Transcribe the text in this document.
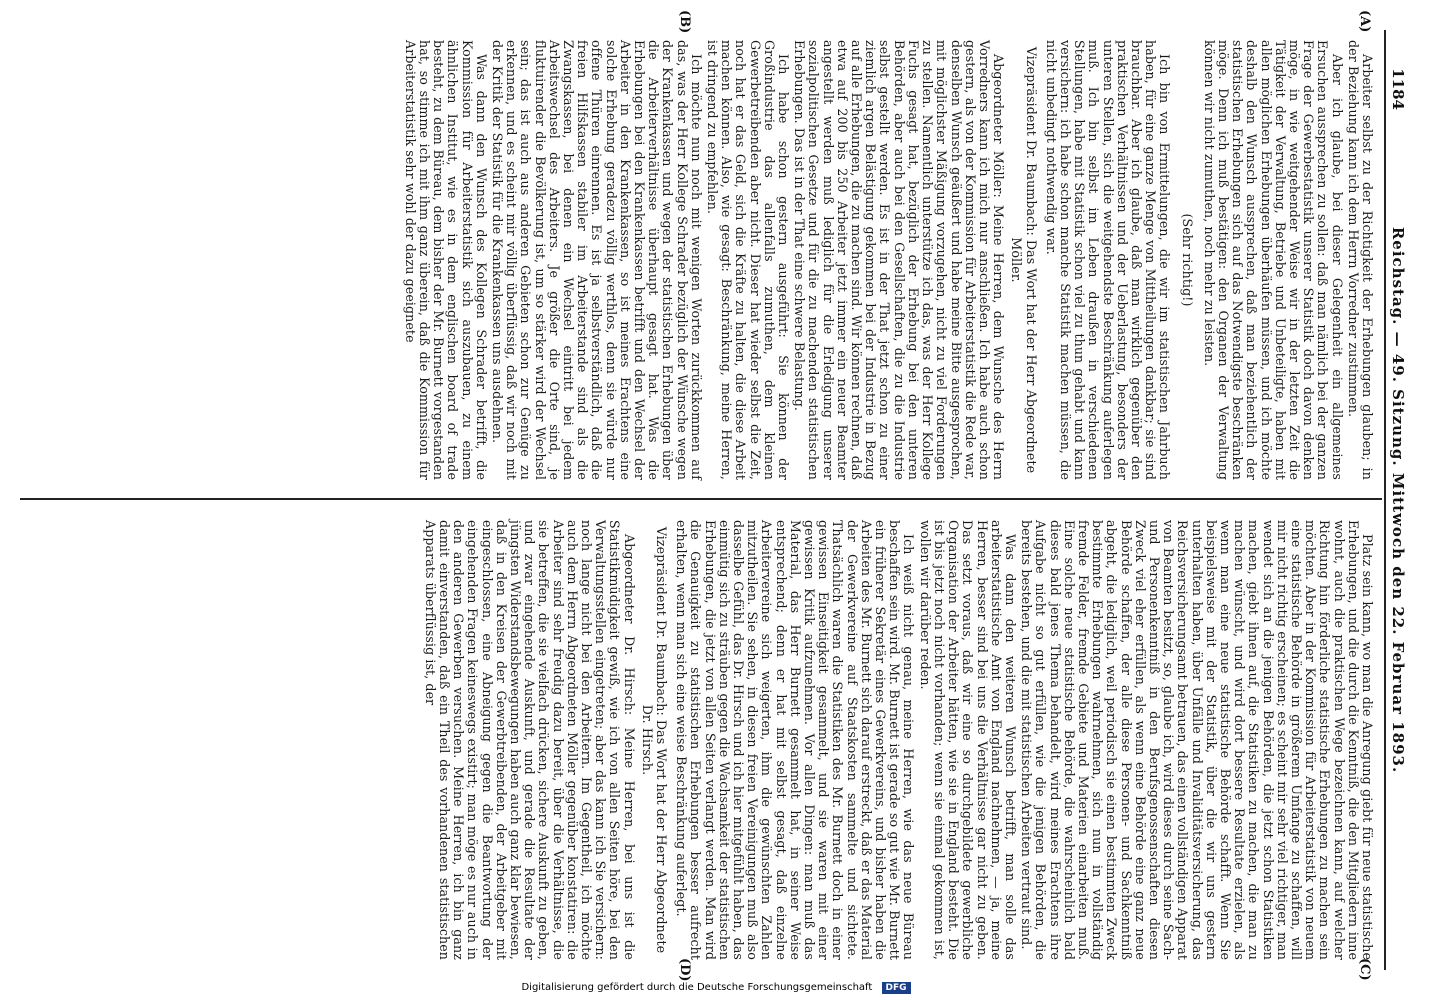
1184
Reichstag. — 49. Sitzung. Mittwoch den 22. Februar 1893.
(A)
(B)
(C)
(D)

Arbeiter selbst zu der Richtigkeit der Erhebungen glauben; in der Beziehung kann ich dem Herrn Vorredner zustimmen.

Aber ich glaube, bei dieser Gelegenheit ein allgemeines Ersuchen aussprechen zu sollen: daß man nämlich bei der ganzen Frage der Gewerbestatistik unserer Statistik doch davon denken möge, in wie weitgehender Weise wir in der letzten Zeit die Tätigkeit der Verwaltung, Betriebe und Unbeteiligte, haben mit allen möglichen Erhebungen überhäufen müssen, und ich möchte deshalb den Wunsch aussprechen, daß man beziehentlich der statistischen Erhebungen sich auf das Notwendigste beschränken möge. Denn ich muß bestätigen: den Organen der Verwaltung können wir nicht zumuthen, noch mehr zu leisten.

(Sehr richtig!)

Ich bin von Ermittelungen, die wir im statistischen Jahrbuch haben, für eine ganze Menge von Mittheilungen dankbar; sie sind brauchbar. Aber ich glaube, daß man wirklich gegenüber den praktischen Verhältnissen und der Ueberlastung, besonders der unteren Stellen, sich die weitgehendste Beschränkung auferlegen muß. Ich bin selbst im Leben draußen in verschiedenen Stellungen, habe mit Statistik schon viel zu thun gehabt und kann versichern: ich habe schon manche Statistik machen müssen, die nicht unbedingt nothwendig war.

Vizepräsident Dr. Baumbach: Das Wort hat der Herr Abgeordnete Möller.

Abgeordneter Möller: Meine Herren, dem Wunsche des Herrn Vorredners kann ich mich nur anschließen. Ich habe auch schon gestern, als von der Kommission für Arbeiterstatistik die Rede war, denselben Wunsch geäußert und habe meine Bitte ausgesprochen, mit möglichster Mäßigung vorzugehen, nicht zu viel Forderungen zu stellen. Namentlich unterstütze ich das, was der Herr Kollege Fuchs gesagt hat, bezüglich der Erhebung bei den unteren Behörden, aber auch bei den Gesellschaften, die zu die Industrie selbst gestellt werden. Es ist in der That jetzt schon zu einer ziemlich argen Belästigung gekommen bei der Industrie in Bezug auf alle Erhebungen, die zu machen sind. Wir können rechnen, daß etwa auf 200 bis 250 Arbeiter jetzt immer ein neuer Beamter angestellt werden muß lediglich für die Erledigung unserer sozialpolitischen Gesetze und für die zu machenden statistischen Erhebungen. Das ist in der That eine schwere Belastung.

Ich habe schon gestern ausgeführt: Sie können der Großindustrie das allenfalls zumuthen, dem kleinen Gewerbetreibenden aber nicht. Dieser hat wieder selbst die Zeit, noch hat er das Geld, sich die Kräfte zu halten, die diese Arbeit machen können. Also, wie gesagt: Beschränkung, meine Herren, ist dringend zu empfehlen.

Ich möchte nun noch mit wenigen Worten zurückkommen auf das, was der Herr Kollege Schrader bezüglich der Wünsche wegen der Krankenkassen und wegen der statistischen Erhebungen über die Arbeiterverhältnisse überhaupt gesagt hat. Was die Erhebungen bei den Krankenkassen betrifft und den Wechsel der Arbeiter in den Krankenkassen, so ist meines Erachtens eine solche Erhebung geradezu völlig werthlos, denn sie würde nur offene Thüren einrennen. Es ist ja selbstverständlich, daß die freien Hilfskassen stabiler im Arbeiterstande sind als die Zwangskassen, bei denen ein Wechsel eintritt bei jedem Arbeitswechsel des Arbeiters. Je größer die Orte sind, je fluktuirender die Bevölkerung ist, um so stärker wird der Wechsel sein; das ist auch aus anderen Gebieten schon zur Genüge zu erkennen, und es scheint mir völlig überflüssig, daß wir noch mit der Kritik der Statistik für die Krankenkassen uns ausdehnen.

Was dann den Wunsch des Kollegen Schrader betrifft, die Kommission für Arbeiterstatistik sich auszubauen, zu einem ähnlichen Institut, wie es in dem englischen board of trade besteht, zu dem Büreau, dem bisher der Mr. Burnett vorgestanden hat, so stimme ich mit ihm ganz überein, daß die Kommission für Arbeiterstatistik sehr wohl der dazu geeignete

Platz sein kann, wo man die Anregung giebt für neue statistische Erhebungen, und die durch die Kenntniß, die den Mitgliedern inne wohnt, auch die praktischen Wege bezeichnen kann, auf welcher Richtung hin förderliche statistische Erhebungen zu machen sein möchten. Aber in der Kommission für Arbeiterstatistik von neuem eine statistische Behörde in größerem Umfange zu schaffen, will mir nicht richtig erscheinen; es scheint mir sehr viel richtiger, man wendet sich an die jenigen Behörden, die jetzt schon Statistiken machen, giebt ihnen auf, die Statistiken zu machen, die man zu machen wünscht, und wird dort bessere Resultate erzielen, als wenn man eine neue statistische Behörde schafft. Wenn Sie beispielsweise mit der Statistik, über die wir uns gestern unterhalten haben, über Unfälle und Invaliditätsversicherung, das Reichsversicherungsamt betrauen, das einen vollständigen Apparat von Beamten besitzt, so, glaube ich, wird dieses durch seine Sach- und Personenkenntniß in den Berufsgenossenschaften diesen Zweck viel eher erfüllen, als wenn eine Behörde eine ganz neue Behörde schaffen, der alle diese Personen- und Sachkenntniß abgeht, die lediglich, weil periodisch sie einen bestimmten Zweck bestimmte Erhebungen wahrnehmen, sich nun in vollständig fremde Felder, fremde Gebiete und Materien einarbeiten muß. Eine solche neue statistische Behörde, die wahrscheinlich bald dieses bald jenes Thema behandelt, wird meines Erachtens ihre Aufgabe nicht so gut erfüllen, wie die jenigen Behörden, die bereits bestehen, und die mit statistischen Arbeiten vertraut sind.

Was dann den weiteren Wunsch betrifft, man solle das arbeiterstatistische Amt von England nachnehmen, — ja, meine Herren, besser sind bei uns die Verhältnisse gar nicht zu geben. Das setzt voraus, daß wir eine so durchgebildete gewerbliche Organisation der Arbeiter hätten, wie sie in England besteht. Die ist bis jetzt noch nicht vorhanden; wenn sie einmal gekommen ist, wollen wir darüber reden.

Ich weiß nicht genau, meine Herren, wie das neue Büreau beschaffen sein wird. Mr. Burnett ist gerade so gut wie Mr. Burnett ein früherer Sekretär eines Gewerkvereins, und bisher haben die Arbeiten des Mr. Burnett sich darauf erstreckt, daß er das Material der Gewerkvereine auf Staatskosten sammelte und sichtete. Thatsächlich waren die Statistiken des Mr. Burnett doch in einer gewissen Einseitigkeit gesammelt, und sie waren mit einer gewissen Kritik aufzunehmen. Vor allen Dingen: man muß das Material, das Herr Burnett gesammelt hat, in seiner Weise entsprechend; denn er hat mit selbst gesagt, daß einzelne Arbeitervereine sich weigerten, ihm die gewünschten Zahlen mitzutheilen. Sie sehen, in diesen freien Vereinigungen muß also dasselbe Gefühl, das Dr. Hirsch und ich hier mitgefühlt haben, das einmütig sich zu sträuben gegen die Wachsamkeit der statistischen Erhebungen, die jetzt von allen Seiten verlangt werden. Man wird die Genauigkeit zu statistischen Erhebungen besser aufrecht erhalten, wenn man sich eine weise Beschränkung auferlegt.

Vizepräsident Dr. Baumbach: Das Wort hat der Herr Abgeordnete Dr. Hirsch.

Abgeordneter Dr. Hirsch: Meine Herren, bei uns ist die Statistikmüdigkeit gewiß, wie ich von allen Seiten höre, bei den Verwaltungsstellen eingetreten; aber das kann ich Sie versichern: noch lange nicht bei den Arbeitern. Im Gegentheil, ich möchte auch dem Herrn Abgeordneten Möller gegenüber konstatiren: die Arbeiter sind sehr freudig dazu bereit, über die Verhältnisse, die sie betreffen, die sie vielfach drücken, sichere Auskunft zu geben, und zwar eingehende Auskunft, und gerade die Resultate der jüngsten Widerstandsbewegungen haben auch ganz klar bewiesen, daß in den Kreisen der Gewerbtreibenden, der Arbeitgeber mit eingeschlossen, eine Abneigung gegen die Beantwortung der eingehenden Fragen keineswegs existirt; man möge es nur auch in den anderen Gewerben versuchen. Meine Herren, ich bin ganz damit einverstanden, daß ein Theil des vorhandenen statistischen Apparats überflüssig ist, der

Digitalisierung gefördert durch die Deutsche Forschungsgemeinschaft DFG
